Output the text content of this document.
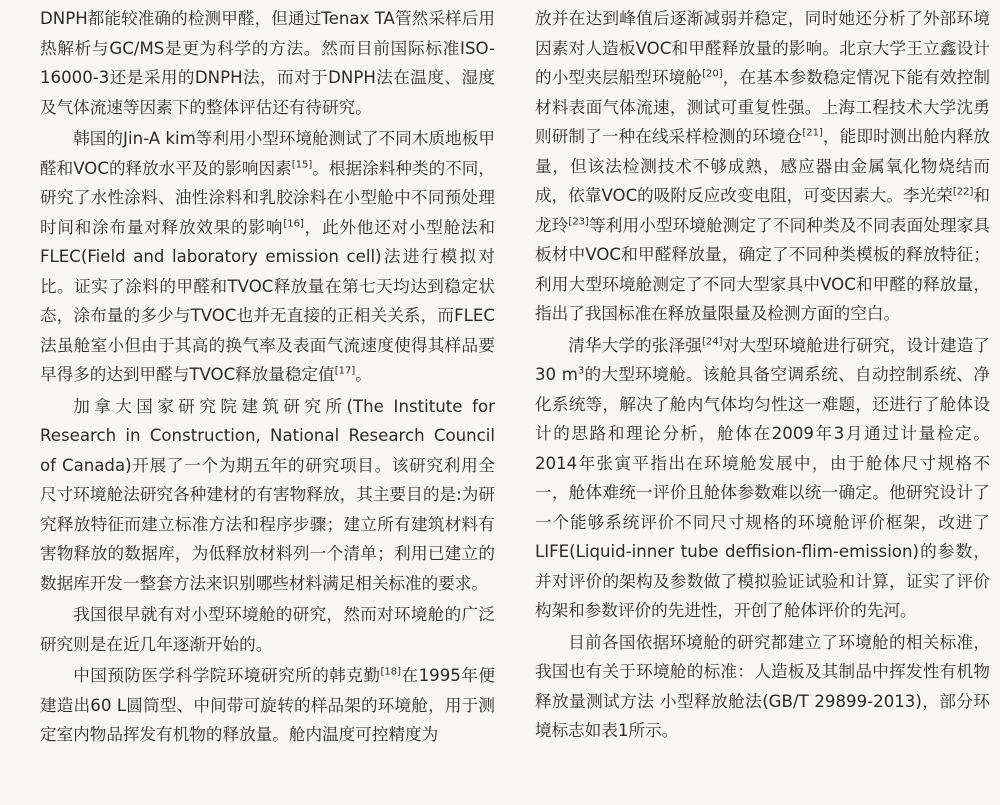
DNPH都能较准确的检测甲醛，但通过Tenax TA管然采样后用热解析与GC/MS是更为科学的方法。然而目前国际标准ISO-16000-3还是采用的DNPH法，而对于DNPH法在温度、湿度及气体流速等因素下的整体评估还有待研究。

韩国的Jin-A kim等利用小型环境舱测试了不同木质地板甲醛和VOC的释放水平及的影响因素[15]。根据涂料种类的不同，研究了水性涂料、油性涂料和乳胶涂料在小型舱中不同预处理时间和涂布量对释放效果的影响[16]，此外他还对小型舱法和FLEC(Field and laboratory emission cell)法进行模拟对比。证实了涂料的甲醛和TVOC释放量在第七天均达到稳定状态，涂布量的多少与TVOC也并无直接的正相关关系，而FLEC法虽舱室小但由于其高的换气率及表面气流速度使得其样品要早得多的达到甲醛与TVOC释放量稳定值[17]。

加拿大国家研究院建筑研究所(The Institute for Research in Construction, National Research Council of Canada)开展了一个为期五年的研究项目。该研究利用全尺寸环境舱法研究各种建材的有害物释放，其主要目的是:为研究释放特征而建立标准方法和程序步骤；建立所有建筑材料有害物释放的数据库，为低释放材料列一个清单；利用已建立的数据库开发一整套方法来识别哪些材料满足相关标准的要求。

我国很早就有对小型环境舱的研究，然而对环境舱的广泛研究则是在近几年逐渐开始的。

中国预防医学科学院环境研究所的韩克勤[18]在1995年便建造出60 L圆筒型、中间带可旋转的样品架的环境舱，用于测定室内物品挥发有机物的释放量。舱内温度可控精度为

放并在达到峰值后逐渐减弱并稳定，同时她还分析了外部环境因素对人造板VOC和甲醛释放量的影响。北京大学王立鑫设计的小型夹层船型环境舱[20]，在基本参数稳定情况下能有效控制材料表面气体流速，测试可重复性强。上海工程技术大学沈勇则研制了一种在线采样检测的环境仓[21]，能即时测出舱内释放量，但该法检测技术不够成熟，感应器由金属氧化物烧结而成，依靠VOC的吸附反应改变电阻，可变因素大。李光荣[22]和龙玲[23]等利用小型环境舱测定了不同种类及不同表面处理家具板材中VOC和甲醛释放量，确定了不同种类模板的释放特征；利用大型环境舱测定了不同大型家具中VOC和甲醛的释放量，指出了我国标准在释放量限量及检测方面的空白。

清华大学的张泽强[24]对大型环境舱进行研究，设计建造了30 $m^3$的大型环境舱。该舱具备空调系统、自动控制系统、净化系统等，解决了舱内气体均匀性这一难题，还进行了舱体设计的思路和理论分析，舱体在2009年3月通过计量检定。2014年张寅平指出在环境舱发展中，由于舱体尺寸规格不一，舱体难统一评价且舱体参数难以统一确定。他研究设计了一个能够系统评价不同尺寸规格的环境舱评价框架，改进了LIFE(Liquid-inner tube deffision-flim-emission)的参数，并对评价的架构及参数做了模拟验证试验和计算，证实了评价构架和参数评价的先进性，开创了舱体评价的先河。

目前各国依据环境舱的研究都建立了环境舱的相关标准，我国也有关于环境舱的标准：人造板及其制品中挥发性有机物释放量测试方法 小型释放舱法(GB/T 29899-2013)，部分环境标志如表1所示。
